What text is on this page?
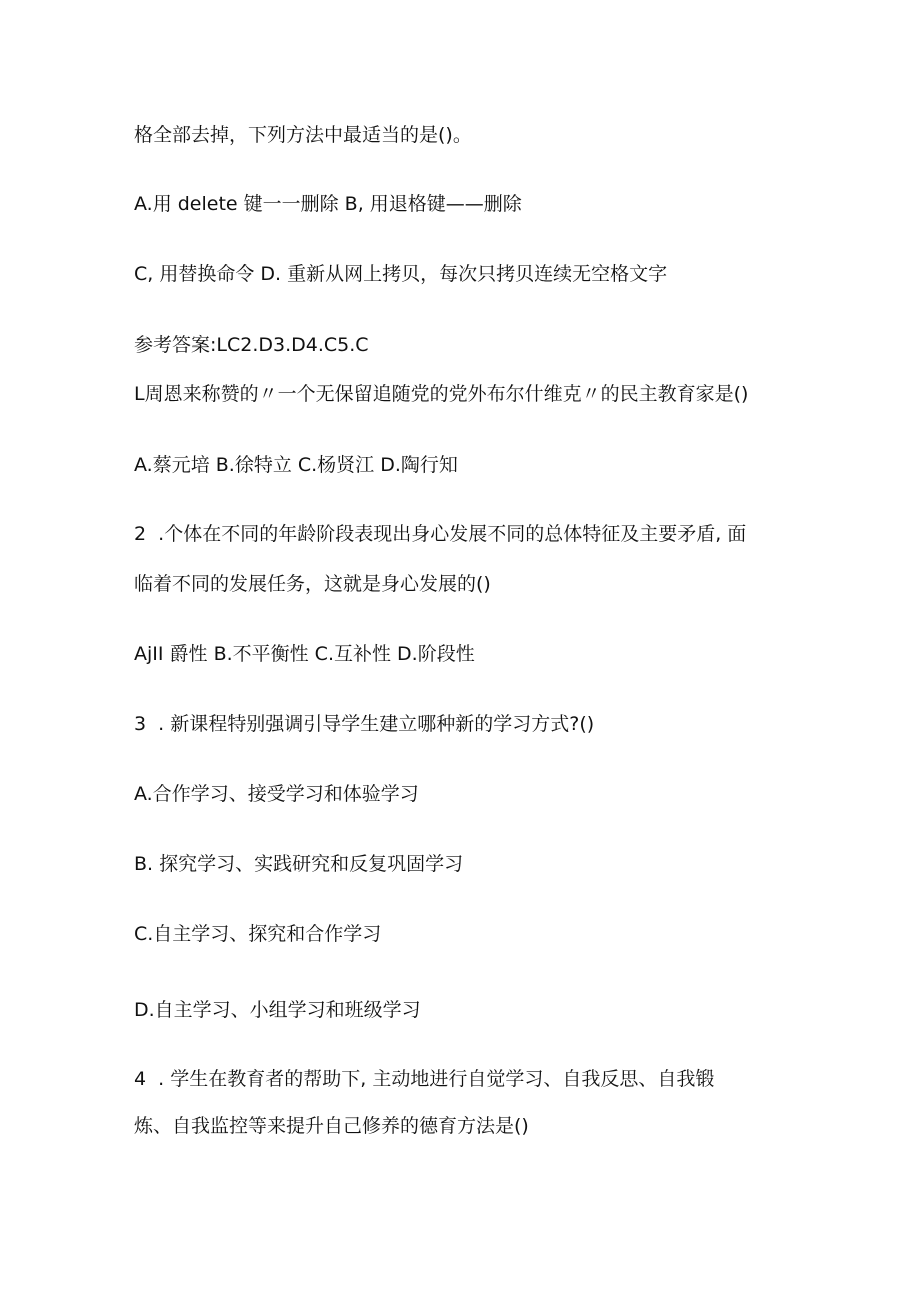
格全部去掉，下列方法中最适当的是()。
A.用 delete 键一一删除 B, 用退格键——删除
C, 用替换命令 D. 重新从网上拷贝，每次只拷贝连续无空格文字
参考答案:LC2.D3.D4.C5.C
L周恩来称赞的〃一个无保留追随党的党外布尔什维克〃的民主教育家是()
A.蔡元培 B.徐特立 C.杨贤江 D.陶行知
2  .个体在不同的年龄阶段表现出身心发展不同的总体特征及主要矛盾, 面
临着不同的发展任务，这就是身心发展的()
AjII 爵性 B.不平衡性 C.互补性 D.阶段性
3  . 新课程特别强调引导学生建立哪种新的学习方式?()
A.合作学习、接受学习和体验学习
B. 探究学习、实践研究和反复巩固学习
C.自主学习、探究和合作学习
D.自主学习、小组学习和班级学习
4  . 学生在教育者的帮助下, 主动地进行自觉学习、自我反思、自我锻
炼、自我监控等来提升自己修养的德育方法是()
